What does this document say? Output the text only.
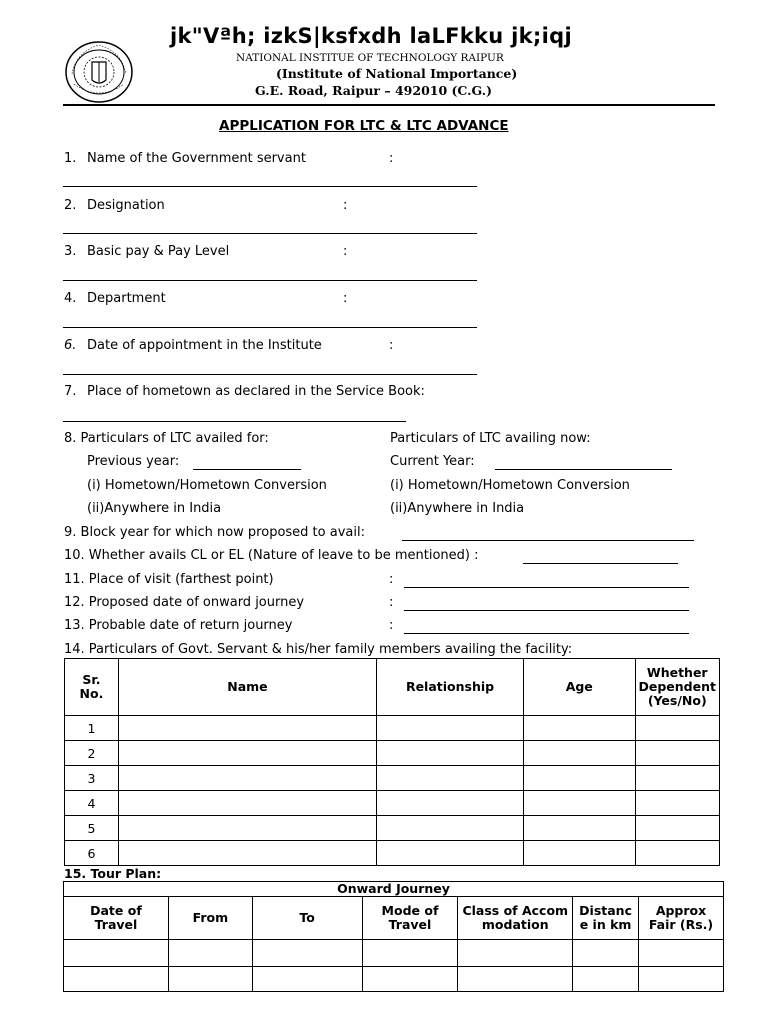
jk"Vªh; izkS|ksfxdh laLFkku jk;iqj
NATIONAL INSTITUE OF TECHNOLOGY RAIPUR
(Institute of National Importance)
G.E. Road, Raipur – 492010 (C.G.)
APPLICATION FOR LTC & LTC ADVANCE
1. Name of the Government servant	:
2. Designation	:
3. Basic pay & Pay Level	:
4. Department	:
6. Date of appointment in the Institute	:
7. Place of hometown as declared in the Service Book:
8. Particulars of LTC availed for:	Particulars of LTC availing now:
Previous year:	Current Year:
(i) Hometown/Hometown Conversion	(i) Hometown/Hometown Conversion
(ii)Anywhere in India	(ii)Anywhere in India
9. Block year for which now proposed to avail:
10. Whether avails CL or EL (Nature of leave to be mentioned) :
11. Place of visit (farthest point)	:
12. Proposed date of onward journey	:
13. Probable date of return journey	:
14. Particulars of Govt. Servant & his/her family members availing the facility:
Sr. No.	Name	Relationship	Age	Whether Dependent (Yes/No)
1				
2				
3				
4				
5				
6				
15. Tour Plan:
Onward Journey						
Date of Travel	From	To	Mode of Travel	Class of Accommodation	Distance in km	Approx Fair (Rs.)
